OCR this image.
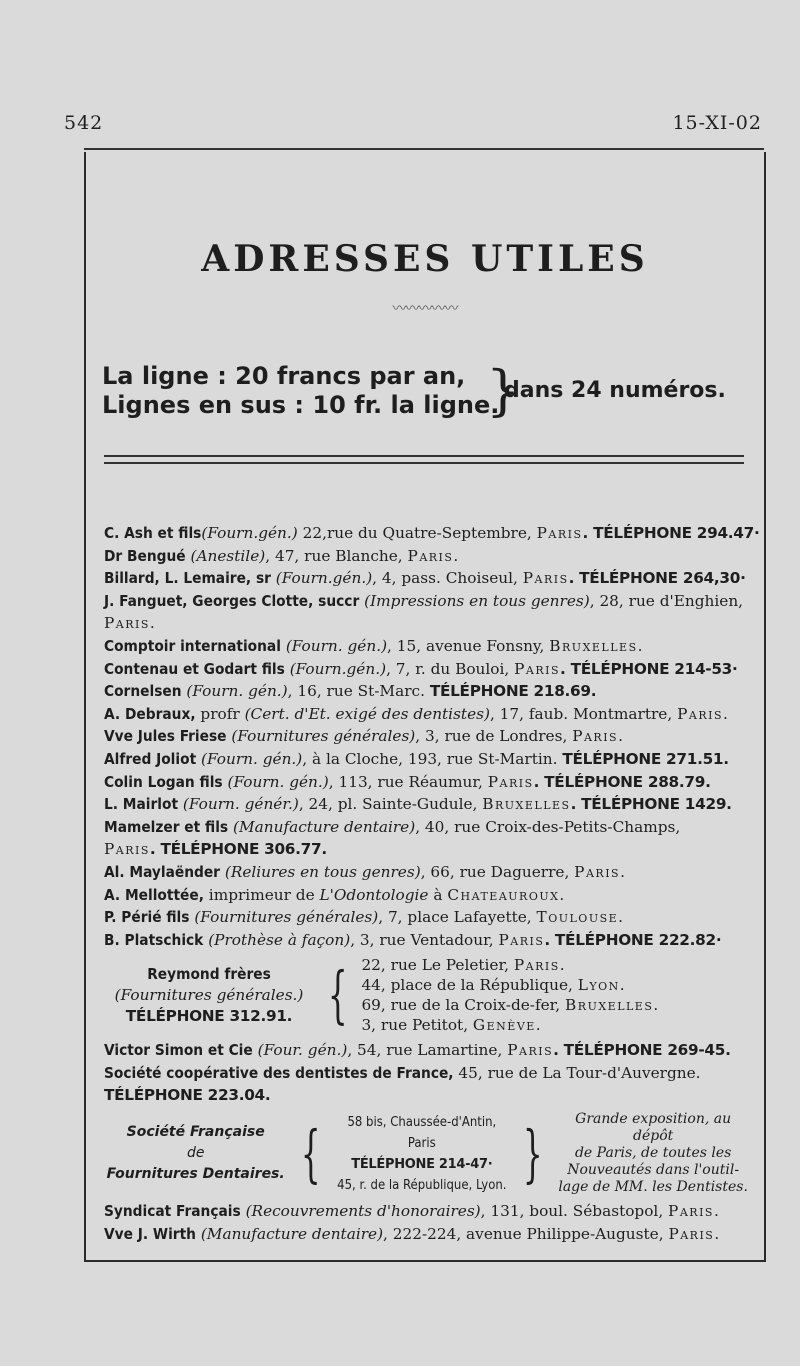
542	15-XI-02
ADRESSES UTILES
〰〰〰〰〰
La ligne : 20 francs par an,
Lignes en sus : 10 fr. la ligne.
}
dans 24 numéros.
C. Ash et fils(Fourn.gén.) 22,rue du Quatre-Septembre, Paris. TÉLÉPHONE 294.47·
Dr Bengué (Anestile), 47, rue Blanche, Paris.
Billard, L. Lemaire, sr (Fourn.gén.), 4, pass. Choiseul, Paris. TÉLÉPHONE 264,30·
J. Fanguet, Georges Clotte, succr (Impressions en tous genres), 28, rue d'Enghien,
Paris.
Comptoir international (Fourn. gén.), 15, avenue Fonsny, Bruxelles.
Contenau et Godart fils (Fourn.gén.), 7, r. du Bouloi, Paris. TÉLÉPHONE 214-53·
Cornelsen (Fourn. gén.), 16, rue St-Marc. TÉLÉPHONE 218.69.
A. Debraux, profr (Cert. d'Et. exigé des dentistes), 17, faub. Montmartre, Paris.
Vve Jules Friese (Fournitures générales), 3, rue de Londres, Paris.
Alfred Joliot (Fourn. gén.), à la Cloche, 193, rue St-Martin. TÉLÉPHONE 271.51.
Colin Logan fils (Fourn. gén.), 113, rue Réaumur, Paris. TÉLÉPHONE 288.79.
L. Mairlot (Fourn. génér.), 24, pl. Sainte-Gudule, Bruxelles. TÉLÉPHONE 1429.
Mamelzer et fils (Manufacture dentaire), 40, rue Croix-des-Petits-Champs,
Paris. TÉLÉPHONE 306.77.
Al. Maylaënder (Reliures en tous genres), 66, rue Daguerre, Paris.
A. Mellottée, imprimeur de L'Odontologie à Chateauroux.
P. Périé fils (Fournitures générales), 7, place Lafayette, Toulouse.
B. Platschick (Prothèse à façon), 3, rue Ventadour, Paris. TÉLÉPHONE 222.82·
Reymond frères
(Fournitures générales.)
TÉLÉPHONE 312.91. { 22, rue Le Peletier, Paris.
44, place de la République, Lyon.
69, rue de la Croix-de-fer, Bruxelles.
3, rue Petitot, Genève.
Victor Simon et Cie (Four. gén.), 54, rue Lamartine, Paris. TÉLÉPHONE 269-45.
Société coopérative des dentistes de France, 45, rue de La Tour-d'Auvergne.
TÉLÉPHONE 223.04.
Société Française
de
Fournitures Dentaires. {	58 bis, Chaussée-d'Antin, Paris
TÉLÉPHONE 214-47·
45, r. de la République, Lyon. }	Grande exposition, au dépôt
de Paris, de toutes les
Nouveautés dans l'outil-
lage de MM. les Dentistes.
Syndicat Français (Recouvrements d'honoraires), 131, boul. Sébastopol, Paris.
Vve J. Wirth (Manufacture dentaire), 222-224, avenue Philippe-Auguste, Paris.
